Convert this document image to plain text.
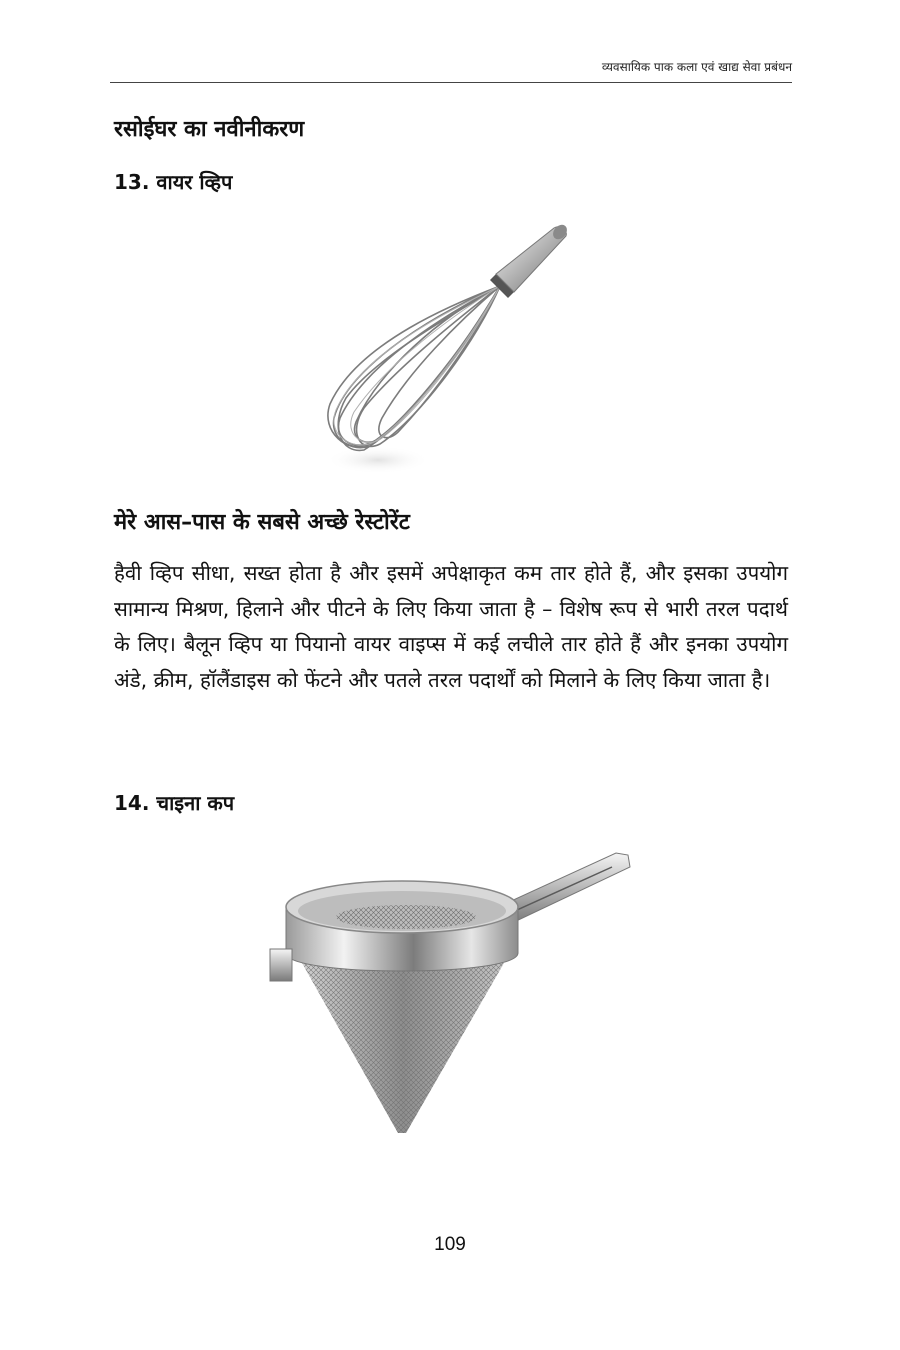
व्यवसायिक पाक कला एवं खाद्य सेवा प्रबंधन
रसोईघर का नवीनीकरण
13. वायर व्हिप
मेरे आस–पास के सबसे अच्छे रेस्टोरेंट

हैवी व्हिप सीधा, सख्त होता है और इसमें अपेक्षाकृत कम तार होते हैं, और इसका उपयोग सामान्य मिश्रण, हिलाने और पीटने के लिए किया जाता है – विशेष रूप से भारी तरल पदार्थ के लिए। बैलून व्हिप या पियानो वायर वाइप्स में कई लचीले तार होते हैं और इनका उपयोग अंडे, क्रीम, हॉलैंडाइस को फेंटने और पतले तरल पदार्थों को मिलाने के लिए किया जाता है।

14. चाइना कप
109
